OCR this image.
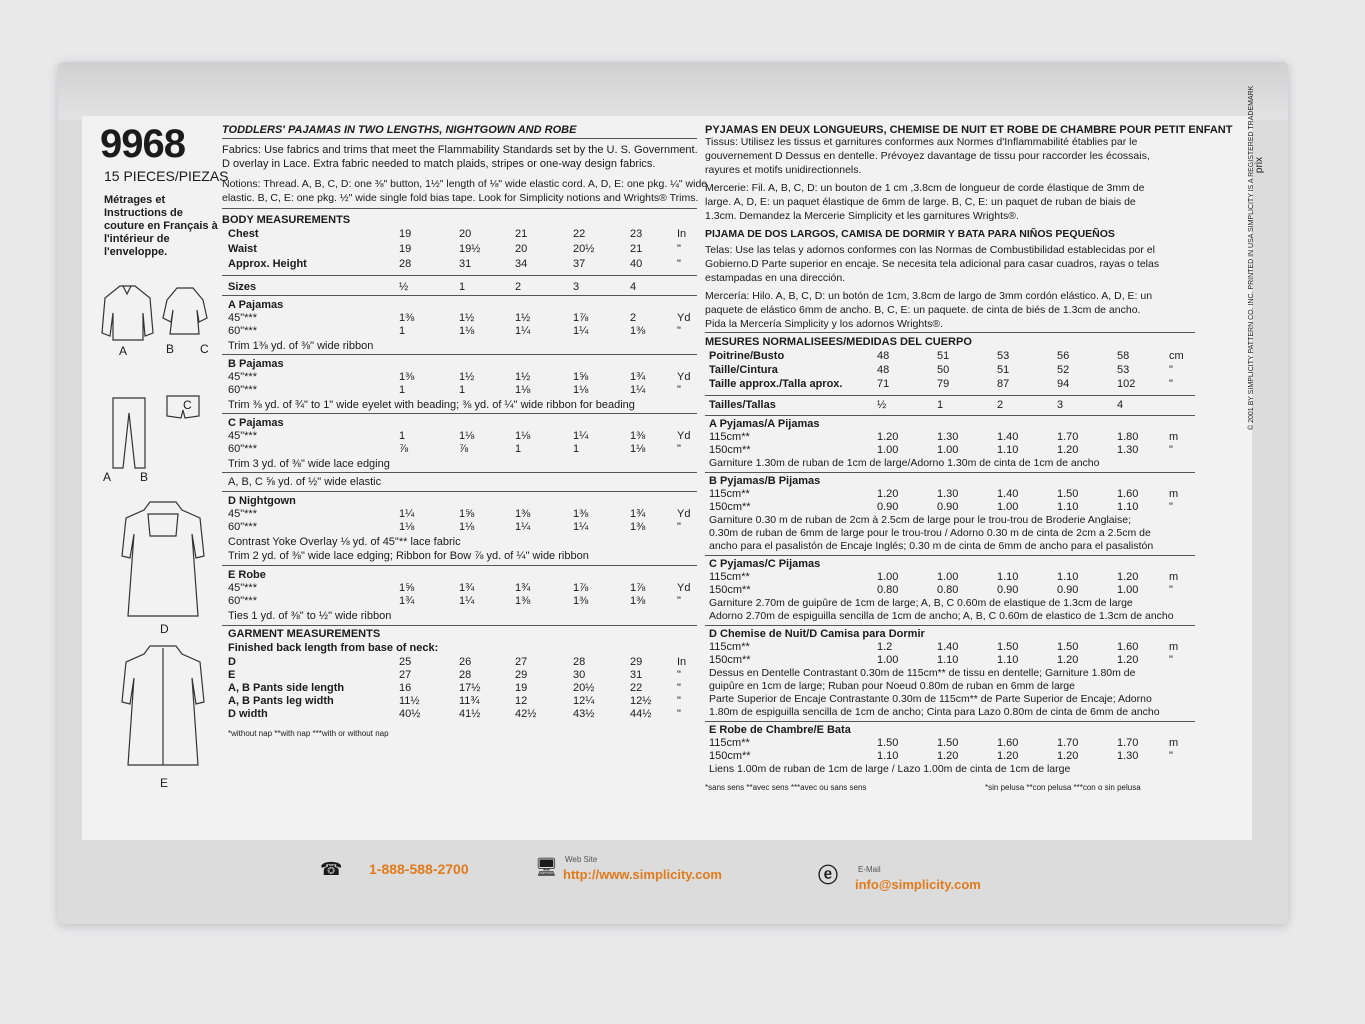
9968
15 PIECES/PIEZAS
Métrages et Instructions de couture en Français à l'intérieur de l'enveloppe.
A	B C
C
A B
D
E
TODDLERS' PAJAMAS IN TWO LENGTHS, NIGHTGOWN AND ROBE
Fabrics: Use fabrics and trims that meet the Flammability Standards set by the U. S. Government.
D overlay in Lace. Extra fabric needed to match plaids, stripes or one-way design fabrics.
Notions: Thread. A, B, C, D: one ⅜" button, 1½" length of ⅛" wide elastic cord. A, D, E: one pkg. ¼" wide
elastic. B, C, E: one pkg. ½" wide single fold bias tape. Look for Simplicity notions and Wrights® Trims.
BODY MEASUREMENTS
Chest	19	20	21	22	23	In
Waist	19	19½	20	20½	21	"
Approx. Height	28	31	34	37	40	"
Sizes	½	1	2	3	4
A Pajamas
45"***	1⅜	1½	1½	1⅞	2	Yd
60"***	1	1⅛	1¼	1¼	1⅜	"
Trim 1⅜ yd. of ⅜" wide ribbon
B Pajamas
45"***	1⅜	1½	1½	1⅝	1¾	Yd
60"***	1	1	1⅛	1⅛	1¼	"
Trim ⅜ yd. of ¾" to 1" wide eyelet with beading; ⅜ yd. of ¼" wide ribbon for beading
C Pajamas
45"***	1	1⅛	1⅛	1¼	1⅜	Yd
60"***	⅞	⅞	1	1	1⅛	"
Trim 3 yd. of ⅜" wide lace edging
A, B, C ⅝ yd. of ½" wide elastic
D Nightgown
45"***	1¼	1⅝	1⅜	1⅜	1¾	Yd
60"***	1⅛	1⅛	1¼	1¼	1⅜	"
Contrast Yoke Overlay ⅛ yd. of 45"** lace fabric
Trim 2 yd. of ⅜" wide lace edging; Ribbon for Bow ⅞ yd. of ¼" wide ribbon
E Robe
45"***	1⅝	1¾	1¾	1⅞	1⅞	Yd
60"***	1¾	1¼	1⅜	1⅜	1⅜	"
Ties 1 yd. of ⅜" to ½" wide ribbon
GARMENT MEASUREMENTS
Finished back length from base of neck:
D	25	26	27	28	29	In
E	27	28	29	30	31	"
A, B Pants side length	16	17½	19	20½	22	"
A, B Pants leg width	11½	11¾	12	12¼	12½ "
D width	40½	41½	42½	43½	44½ "
*without nap **with nap ***with or without nap
PYJAMAS EN DEUX LONGUEURS, CHEMISE DE NUIT ET ROBE DE CHAMBRE POUR PETIT ENFANT
Tissus: Utilisez les tissus et garnitures conformes aux Normes d'Inflammabilité établies par le
gouvernement D Dessus en dentelle. Prévoyez davantage de tissu pour raccorder les écossais,
rayures et motifs unidirectionnels.
Mercerie: Fil. A, B, C, D: un bouton de 1 cm ,3.8cm de longueur de corde élastique de 3mm de
large. A, D, E: un paquet élastique de 6mm de large. B, C, E: un paquet de ruban de biais de
1.3cm. Demandez la Mercerie Simplicity et les garnitures Wrights®.
PIJAMA DE DOS LARGOS, CAMISA DE DORMIR Y BATA PARA NIÑOS PEQUEÑOS
Telas: Use las telas y adornos conformes con las Normas de Combustibilidad establecidas por el
Gobierno.D Parte superior en encaje. Se necesita tela adicional para casar cuadros, rayas o telas
estampadas en una dirección.
Mercería: Hilo. A, B, C, D: un botón de 1cm, 3.8cm de largo de 3mm cordón elástico. A, D, E: un
paquete de elástico 6mm de ancho. B, C, E: un paquete. de cinta de biés de 1.3cm de ancho.
Pida la Mercería Simplicity y los adornos Wrights®.
MESURES NORMALISEES/MEDIDAS DEL CUERPO
Poitrine/Busto	48	51	53	56	58	cm
Taille/Cintura	48	50	51	52	53	"
Taille approx./Talla aprox.	71	79	87	94	102	"
Tailles/Tallas	½	1	2	3	4
A Pyjamas/A Pijamas
115cm**	1.20	1.30	1.40	1.70	1.80	m
150cm**	1.00	1.00	1.10	1.20	1.30	"
Garniture 1.30m de ruban de 1cm de large/Adorno 1.30m de cinta de 1cm de ancho
B Pyjamas/B Pijamas
115cm**	1.20	1.30	1.40	1.50	1.60	m
150cm**	0.90	0.90	1.00	1.10	1.10	"
Garniture 0.30 m de ruban de 2cm à 2.5cm de large pour le trou-trou de Broderie Anglaise;
0.30m de ruban de 6mm de large pour le trou-trou / Adorno 0.30 m de cinta de 2cm a 2.5cm de
ancho para el pasalistón de Encaje Inglés; 0.30 m de cinta de 6mm de ancho para el pasalistón
C Pyjamas/C Pijamas
115cm**	1.00	1.00	1.10	1.10	1.20	m
150cm**	0.80	0.80	0.90	0.90	1.00	"
Garniture 2.70m de guipûre de 1cm de large; A, B, C 0.60m de elastique de 1.3cm de large
Adorno 2.70m de espiguilla sencilla de 1cm de ancho; A, B, C 0.60m de elastico de 1.3cm de ancho
D Chemise de Nuit/D Camisa para Dormir
115cm**	1.2	1.40	1.50	1.50	1.60	m
150cm**	1.00	1.10	1.10	1.20	1.20	"
Dessus en Dentelle Contrastant 0.30m de 115cm** de tissu en dentelle; Garniture 1.80m de
guipûre en 1cm de large; Ruban pour Noeud 0.80m de ruban en 6mm de large
Parte Superior de Encaje Contrastante 0.30m de 115cm** de Parte Superior de Encaje; Adorno
1.80m de espiguilla sencilla de 1cm de ancho; Cinta para Lazo 0.80m de cinta de 6mm de ancho
E Robe de Chambre/E Bata
115cm**	1.50	1.50	1.60	1.70	1.70	m
150cm**	1.10	1.20	1.20	1.20	1.30	"
Liens 1.00m de ruban de 1cm de large / Lazo 1.00m de cinta de 1cm de large
*sans sens **avec sens ***avec ou sans sens	*sin pelusa **con pelusa ***con o sin pelusa
© 2001 BY SIMPLICITY PATTERN CO. INC. PRINTED IN USA SIMPLICITY IS A REGISTERED TRADEMARK prix
☎ 1-888-588-2700	🖥 Web Site
http://www.simplicity.com	ⓔ	E-Mail
info@simplicity.com
